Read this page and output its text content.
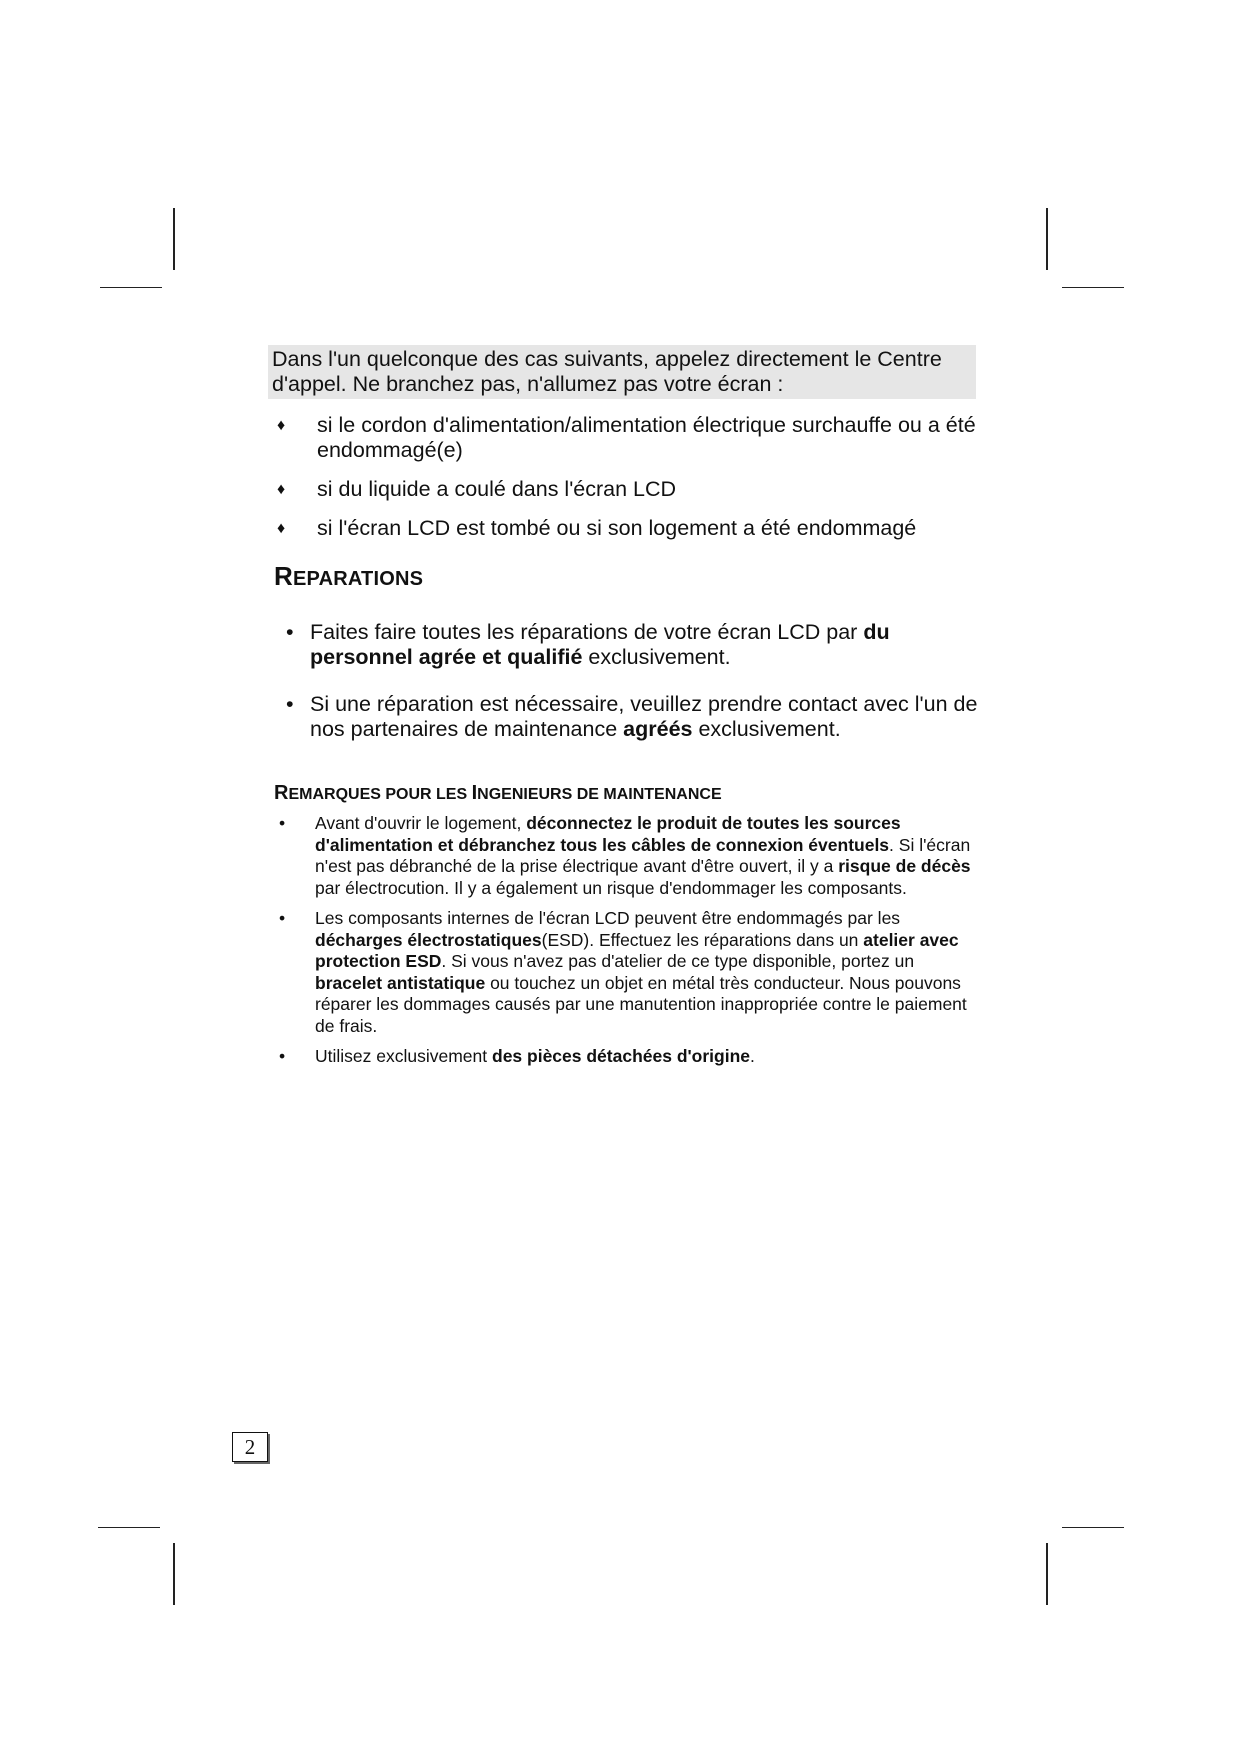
Dans l'un quelconque des cas suivants, appelez directement le Centre d'appel. Ne branchez pas, n'allumez pas votre écran :
♦ si le cordon d'alimentation/alimentation électrique surchauffe ou a été endommagé(e)
♦ si du liquide a coulé dans l'écran LCD
♦ si l'écran LCD est tombé ou si son logement a été endommagé
REPARATIONS
• Faites faire toutes les réparations de votre écran LCD par du personnel agrée et qualifié exclusivement.
• Si une réparation est nécessaire, veuillez prendre contact avec l'un de nos partenaires de maintenance agréés exclusivement.
REMARQUES POUR LES INGENIEURS DE MAINTENANCE
• Avant d'ouvrir le logement, déconnectez le produit de toutes les sources d'alimentation et débranchez tous les câbles de connexion éventuels. Si l'écran n'est pas débranché de la prise électrique avant d'être ouvert, il y a risque de décès par électrocution. Il y a également un risque d'endommager les composants.
• Les composants internes de l'écran LCD peuvent être endommagés par les décharges électrostatiques(ESD). Effectuez les réparations dans un atelier avec protection ESD. Si vous n'avez pas d'atelier de ce type disponible, portez un bracelet antistatique ou touchez un objet en métal très conducteur. Nous pouvons réparer les dommages causés par une manutention inappropriée contre le paiement de frais.
• Utilisez exclusivement des pièces détachées d'origine.
2
